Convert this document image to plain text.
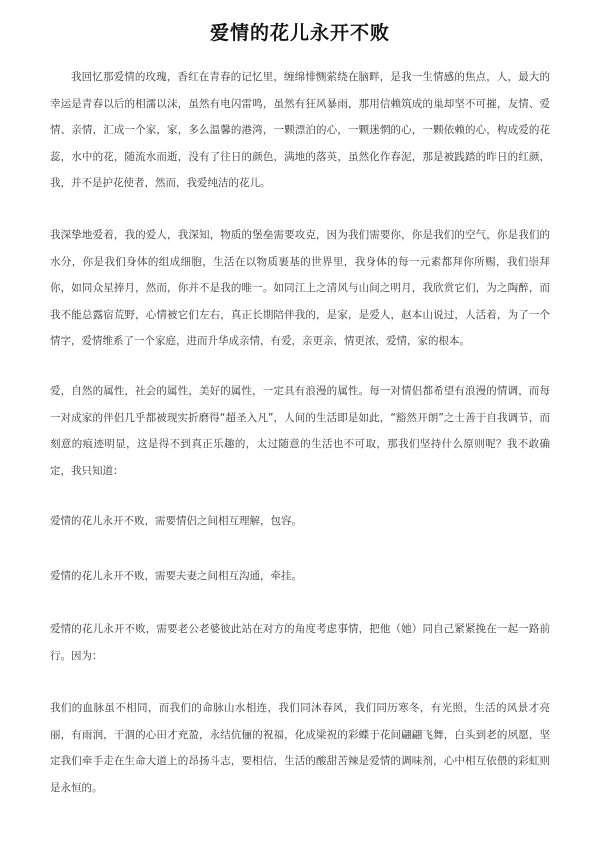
爱情的花儿永开不败

我回忆那爱情的玫瑰，香红在青春的记忆里，缠绵悱恻萦绕在脑畔，是我一生情感的焦点，人，最大的幸运是青春以后的相濡以沫，虽然有电闪雷鸣，虽然有狂风暴雨，那用信赖筑成的巢却坚不可摧，友情、爱情、亲情，汇成一个家，家，多么温馨的港湾，一颗漂泊的心，一颗迷惘的心，一颗依赖的心，构成爱的花蕊，水中的花，随流水而逝，没有了往日的颜色，满地的落英，虽然化作春泥，那是被践踏的昨日的红颜，我，并不是护花使者，然而，我爱纯洁的花儿。

我深挚地爱着，我的爱人，我深知，物质的堡垒需要攻克，因为我们需要你，你是我们的空气，你是我们的水分，你是我们身体的组成细胞，生活在以物质裹基的世界里，我身体的每一元素都拜你所赐，我们崇拜你，如同众星捧月，然而，你并不是我的唯一。如同江上之清风与山间之明月，我欣赏它们，为之陶醉，而我不能总露宿荒野，心情被它们左右，真正长期陪伴我的，是家，是爱人，赵本山说过，人活着，为了一个情字，爱情维系了一个家庭，进而升华成亲情，有爱，亲更亲，情更浓，爱情，家的根本。

爱，自然的属性，社会的属性，美好的属性，一定具有浪漫的属性。每一对情侣都希望有浪漫的情调，而每一对成家的伴侣几乎都被现实折磨得“超圣入凡”，人间的生活即是如此，“豁然开朗”之士善于自我调节，而刻意的痕迹明显，这是得不到真正乐趣的，太过随意的生活也不可取，那我们坚持什么原则呢？我不敢确定，我只知道：

爱情的花儿永开不败，需要情侣之间相互理解，包容。

爱情的花儿永开不败，需要夫妻之间相互沟通，牵挂。

爱情的花儿永开不败，需要老公老婆彼此站在对方的角度考虑事情，把他（她）同自己紧紧挽在一起一路前行。因为：

我们的血脉虽不相同，而我们的命脉山水相连，我们同沐春风，我们同历寒冬，有光照，生活的风景才亮丽，有雨润，干涸的心田才充盈，永结伉俪的祝福，化成梁祝的彩蝶于花间翩翩飞舞，白头到老的夙愿，坚定我们牵手走在生命大道上的昂扬斗志，要相信，生活的酸甜苦辣是爱情的调味剂，心中相互依偎的彩虹则是永恒的。
